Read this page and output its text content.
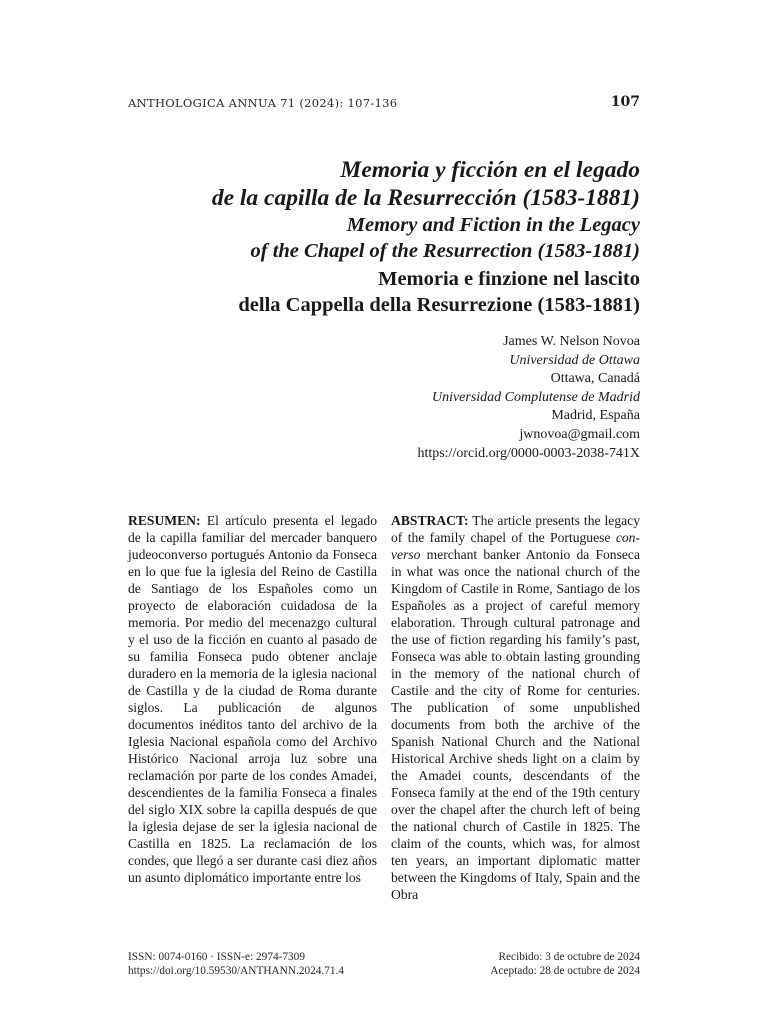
ANTHOLOGICA ANNUA 71 (2024): 107-136	107
Memoria y ficción en el legado
de la capilla de la Resurrección (1583-1881)
Memory and Fiction in the Legacy
of the Chapel of the Resurrection (1583-1881)
Memoria e finzione nel lascito
della Cappella della Resurrezione (1583-1881)
James W. Nelson Novoa
Universidad de Ottawa
Ottawa, Canadá
Universidad Complutense de Madrid
Madrid, España
jwnovoa@gmail.com
https://orcid.org/0000-0003-2038-741X
RESUMEN: El artículo presenta el legado de la capilla familiar del mercader banquero judeoconverso portugués Antonio da Fonseca en lo que fue la iglesia del Reino de Castilla de Santiago de los Españoles como un proyecto de elaboración cuidadosa de la memoria. Por medio del mecenazgo cultural y el uso de la ficción en cuanto al pasado de su familia Fonseca pudo obtener anclaje duradero en la memoria de la iglesia nacional de Castilla y de la ciudad de Roma durante siglos. La publicación de algunos documentos inéditos tanto del archivo de la Iglesia Nacional española como del Archivo Histórico Nacional arroja luz sobre una reclamación por parte de los condes Amadei, descendientes de la familia Fonseca a finales del siglo XIX sobre la capilla después de que la iglesia dejase de ser la iglesia nacional de Castilla en 1825. La reclamación de los condes, que llegó a ser durante casi diez años un asunto diplomático importante entre los
ABSTRACT: The article presents the legacy of the family chapel of the Portuguese converso merchant banker Antonio da Fonseca in what was once the national church of the Kingdom of Castile in Rome, Santiago de los Españoles as a project of careful memory elaboration. Through cultural patronage and the use of fiction regarding his family’s past, Fonseca was able to obtain lasting grounding in the memory of the national church of Castile and the city of Rome for centuries. The publication of some unpublished documents from both the archive of the Spanish National Church and the National Historical Archive sheds light on a claim by the Amadei counts, descendants of the Fonseca family at the end of the 19th century over the chapel after the church left of being the national church of Castile in 1825. The claim of the counts, which was, for almost ten years, an important diplomatic matter between the Kingdoms of Italy, Spain and the Obra
ISSN: 0074-0160 · ISSN-e: 2974-7309
https://doi.org/10.59530/ANTHANN.2024.71.4
Recibido: 3 de octubre de 2024
Aceptado: 28 de octubre de 2024
